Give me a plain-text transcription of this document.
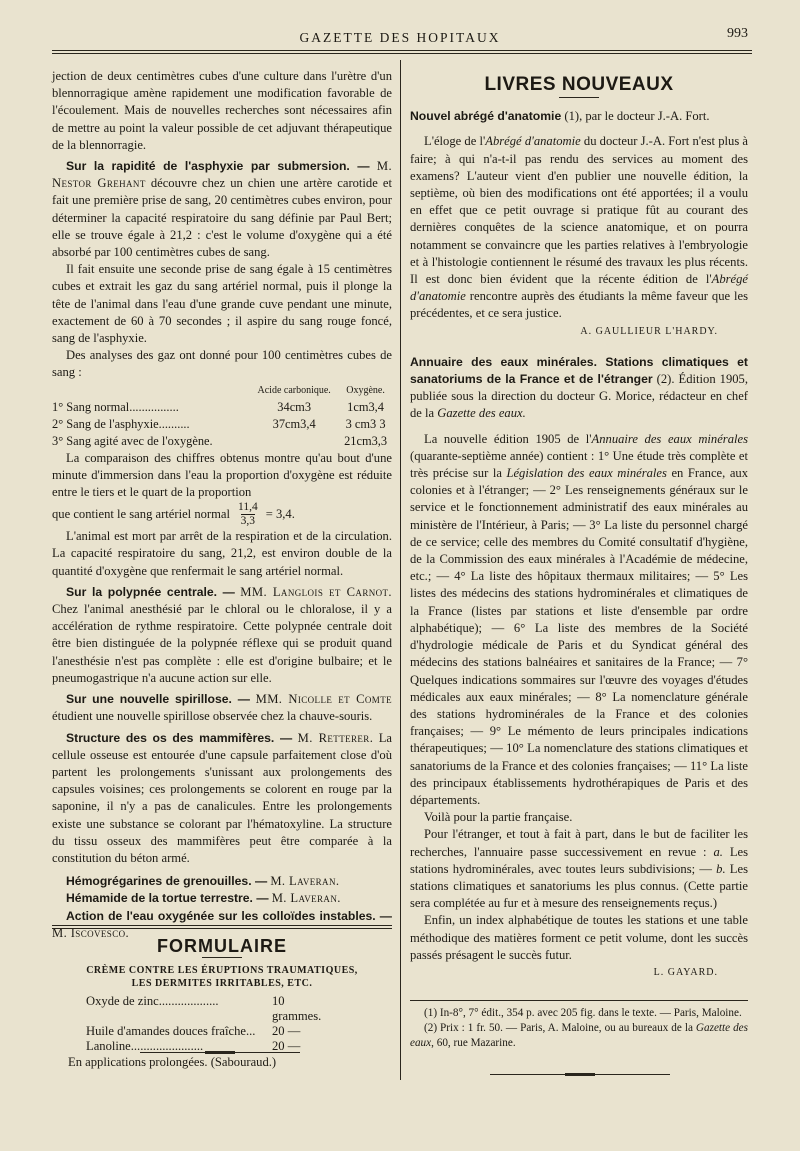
GAZETTE DES HOPITAUX	993

jection de deux centimètres cubes d'une culture dans l'urètre d'un blennorragique amène rapidement une modification favorable de l'écoulement. Mais de nouvelles recherches sont nécessaires afin de mettre au point la valeur possible de cet adjuvant thérapeutique de la blennorragie.

Sur la rapidité de l'asphyxie par submersion. — M. Nestor Grehant découvre chez un chien une artère carotide et fait une première prise de sang, 20 centimètres cubes environ, pour déterminer la capacité respiratoire du sang définie par Paul Bert; elle se trouve égale à 21,2 : c'est le volume d'oxygène qui a été absorbé par 100 centimètres cubes de sang.

Il fait ensuite une seconde prise de sang égale à 15 centimètres cubes et extrait les gaz du sang artériel normal, puis il plonge la tête de l'animal dans l'eau d'une grande cuve pendant une minute, exactement de 60 à 70 secondes ; il aspire du sang rouge foncé, sang de l'asphyxie.

Des analyses des gaz ont donné pour 100 centimètres cubes de sang :

	Acide carbonique.	Oxygène.
1° Sang normal................	34cm3	1cm3,4
2° Sang de l'asphyxie..........	37cm3,4	3 cm3 3
3° Sang agité avec de l'oxygène.		21cm3,3

La comparaison des chiffres obtenus montre qu'au bout d'une minute d'immersion dans l'eau la proportion d'oxygène est réduite entre le tiers et le quart de la proportion

que contient le sang artériel normal $\frac{11,4}{3,3} = 3,4$.

L'animal est mort par arrêt de la respiration et de la circulation. La capacité respiratoire du sang, 21,2, est environ double de la quantité d'oxygène que renfermait le sang artériel normal.

Sur la polypnée centrale. — MM. Langlois et Carnot. Chez l'animal anesthésié par le chloral ou le chloralose, il y a accélération de rythme respiratoire. Cette polypnée centrale doit être bien distinguée de la polypnée réflexe qui se produit quand l'anesthésie n'est pas complète : elle est d'origine bulbaire; et le pneumogastrique n'a aucune action sur elle.

Sur une nouvelle spirillose. — MM. Nicolle et Comte étudient une nouvelle spirillose observée chez la chauve-souris.

Structure des os des mammifères. — M. Retterer. La cellule osseuse est entourée d'une capsule parfaitement close d'où partent les prolongements s'unissant aux prolongements des capsules voisines; ces prolongements se colorent en rouge par la saponine, il n'y a pas de canalicules. Entre les prolongements existe une substance se colorant par l'hématoxyline. La structure du tissu osseux des mammifères peut être comparée à la constitution du béton armé.

Hémogrégarines de grenouilles. — M. Laveran.

Hémamide de la tortue terrestre. — M. Laveran.

Action de l'eau oxygénée sur les colloïdes instables. — M. Iscovesco.

FORMULAIRE
CRÈME CONTRE LES ÉRUPTIONS TRAUMATIQUES,
LES DERMITES IRRITABLES, ETC.
Oxyde de zinc...................	10 grammes.
Huile d'amandes douces fraîche...	20 —
Lanoline.......................	20 —
En applications prolongées. (Sabouraud.)
LIVRES NOUVEAUX

Nouvel abrégé d'anatomie (1), par le docteur J.-A. Fort.

L'éloge de l'Abrégé d'anatomie du docteur J.-A. Fort n'est plus à faire; à qui n'a-t-il pas rendu des services au moment des examens? L'auteur vient d'en publier une nouvelle édition, la septième, où bien des modifications ont été apportées; il a voulu en effet que ce petit ouvrage si pratique fût au courant des dernières conquêtes de la science anatomique, et on pourra notamment se convaincre que les parties relatives à l'embryologie et à l'histologie contiennent le résumé des travaux les plus récents. Il est donc bien évident que la récente édition de l'Abrégé d'anatomie rencontre auprès des étudiants la même faveur que les précédentes, et ce sera justice.

A. GAULLIEUR L'HARDY.

Annuaire des eaux minérales. Stations climatiques et sanatoriums de la France et de l'étranger (2). Édition 1905, publiée sous la direction du docteur G. Morice, rédacteur en chef de la Gazette des eaux.

La nouvelle édition 1905 de l'Annuaire des eaux minérales (quarante-septième année) contient : 1° Une étude très complète et très précise sur la Législation des eaux minérales en France, aux colonies et à l'étranger; — 2° Les renseignements généraux sur le service et le fonctionnement administratif des eaux minérales au ministère de l'Intérieur, à Paris; — 3° La liste du personnel chargé de ce service; celle des membres du Comité consultatif d'hygiène, de la Commission des eaux minérales à l'Académie de médecine, etc.; — 4° La liste des hôpitaux thermaux militaires; — 5° Les listes des médecins des stations hydrominérales et climatiques de la France (listes par stations et liste d'ensemble par ordre alphabétique); — 6° La liste des membres de la Société d'hydrologie médicale de Paris et du Syndicat général des médecins des stations balnéaires et sanitaires de la France; — 7° Quelques indications sommaires sur l'œuvre des voyages d'études médicales aux eaux minérales; — 8° La nomenclature générale des stations hydrominérales de la France et des colonies françaises; — 9° Le mémento de leurs principales indications thérapeutiques; — 10° La nomenclature des stations climatiques et sanatoriums de la France et des colonies françaises; — 11° La liste des principaux établissements hydrothérapiques de Paris et des départements.

Voilà pour la partie française.

Pour l'étranger, et tout à fait à part, dans le but de faciliter les recherches, l'annuaire passe successivement en revue : a. Les stations hydrominérales, avec toutes leurs subdivisions; — b. Les stations climatiques et sanatoriums les plus connus. (Cette partie sera complétée au fur et à mesure des renseignements reçus.)

Enfin, un index alphabétique de toutes les stations et une table méthodique des matières forment ce petit volume, dont les succès passés présagent le succès futur.

L. GAYARD.

(1) In-8°, 7° édit., 354 p. avec 205 fig. dans le texte. — Paris, Maloine.

(2) Prix : 1 fr. 50. — Paris, A. Maloine, ou au bureaux de la Gazette des eaux, 60, rue Mazarine.
